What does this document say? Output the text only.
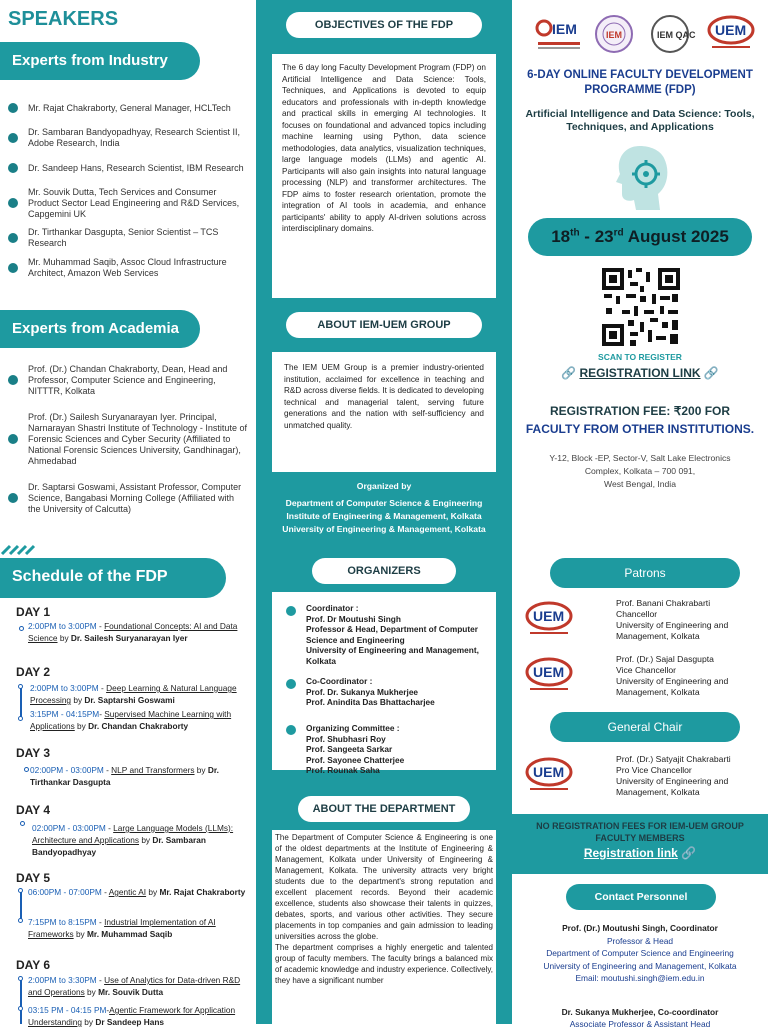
SPEAKERS
Experts from Industry
Mr. Rajat Chakraborty, General Manager, HCLTech
Dr. Sambaran Bandyopadhyay, Research Scientist II, Adobe Research, India
Dr. Sandeep Hans, Research Scientist, IBM Research
Mr. Souvik Dutta, Tech Services and Consumer Product Sector Lead Engineering and R&D Services, Capgemini UK
Dr. Tirthankar Dasgupta, Senior Scientist – TCS Research
Mr. Muhammad Saqib, Assoc Cloud Infrastructure Architect, Amazon Web Services
Experts from Academia
Prof. (Dr.) Chandan Chakraborty, Dean, Head and Professor, Computer Science and Engineering, NITTTR, Kolkata
Prof. (Dr.) Sailesh Suryanarayan Iyer. Principal, Narnarayan Shastri Institute of Technology - Institute of Forensic Sciences and Cyber Security (Affiliated to National Forensic Sciences University, Gandhinagar), Ahmedabad
Dr. Saptarsi Goswami, Assistant Professor, Computer Science, Bangabasi Morning College (Affiliated with the University of Calcutta)
Schedule of the FDP
DAY 1
2:00PM to 3:00PM - Foundational Concepts: AI and Data Science by Dr. Sailesh Suryanarayan Iyer
DAY 2
2:00PM to 3:00PM - Deep Learning & Natural Language Processing by Dr. Saptarshi Goswami
3:15PM - 04:15PM- Supervised Machine Learning with Applications by Dr. Chandan Chakraborty
DAY 3
02:00PM - 03:00PM - NLP and Transformers by Dr. Tirthankar Dasgupta
DAY 4
02:00PM - 03:00PM - Large Language Models (LLMs): Architecture and Applications by Dr. Sambaran Bandyopadhyay
DAY 5
06:00PM - 07:00PM - Agentic AI by Mr. Rajat Chakraborty
7:15PM to 8:15PM - Industrial Implementation of AI Frameworks by Mr. Muhammad Saqib
DAY 6
2:00PM to 3:30PM - Use of Analytics for Data-driven R&D and Operations by Mr. Souvik Dutta
03:15 PM - 04:15 PM-Agentic Framework for Application Understanding by Dr Sandeep Hans
OBJECTIVES OF THE FDP
The 6 day long Faculty Development Program (FDP) on Artificial Intelligence and Data Science: Tools, Techniques, and Applications is devoted to equip educators and professionals with in-depth knowledge and practical skills in emerging AI technologies. It focuses on foundational and advanced topics including machine learning using Python, data science methodologies, data analytics, visualization techniques, large language models (LLMs) and agentic AI. Participants will also gain insights into natural language processing (NLP) and transformer architectures. The FDP aims to foster research orientation, promote the integration of AI tools in academia, and enhance participants' ability to apply AI-driven solutions across interdisciplinary domains.
ABOUT IEM-UEM GROUP
The IEM UEM Group is a premier industry-oriented institution, acclaimed for excellence in teaching and R&D across diverse fields. It is dedicated to developing technical and managerial talent, serving future generations and the nation with self-sufficiency and unmatched quality.
Organized by
Department of Computer Science & Engineering
Institute of Engineering & Management, Kolkata
University of Engineering & Management, Kolkata
ORGANIZERS
Coordinator :
Prof. Dr Moutushi Singh
Professor & Head, Department of Computer Science and Engineering
University of Engineering and Management, Kolkata
Co-Coordinator :
Prof. Dr. Sukanya Mukherjee
Prof. Anindita Das Bhattacharjee
Organizing Committee :
Prof. Shubhasri Roy
Prof. Sangeeta Sarkar
Prof. Sayonee Chatterjee
Prof. Rounak Saha
ABOUT THE DEPARTMENT
The Department of Computer Science & Engineering is one of the oldest departments at the Institute of Engineering & Management, Kolkata under University of Engineering & Management, Kolkata. The university attracts very bright students due to the department's strong reputation and excellent placement records. Beyond their academic excellence, students also showcase their talents in quizzes, debates, sports, and various other activities. They secure placements in top companies and gain admission to leading universities across the globe.
The department comprises a highly energetic and talented group of faculty members. The faculty brings a balanced mix of academic knowledge and industry experience. Collectively, they have a significant number
IEM	IEM	IEM QAC UEM
6-DAY ONLINE FACULTY DEVELOPMENT PROGRAMME (FDP)
Artificial Intelligence and Data Science: Tools, Techniques, and Applications
18th - 23rd August 2025
SCAN TO REGISTER
🔗 REGISTRATION LINK 🔗
REGISTRATION FEE: ₹200 FOR
FACULTY FROM OTHER INSTITUTIONS.
Y-12, Block -EP, Sector-V, Salt Lake Electronics
Complex, Kolkata – 700 091,
West Bengal, India
Patrons
UEM
Prof. Banani Chakrabarti
Chancellor
University of Engineering and Management, Kolkata
UEM
Prof. (Dr.) Sajal Dasgupta
Vice Chancellor
University of Engineering and Management, Kolkata
General Chair
UEM
Prof. (Dr.) Satyajit Chakrabarti
Pro Vice Chancellor
University of Engineering and Management, Kolkata
NO REGISTRATION FEES FOR IEM-UEM GROUP FACULTY MEMBERS
Registration link 🔗
Contact Personnel
Prof. (Dr.) Moutushi Singh, Coordinator
Professor & Head
Department of Computer Science and Engineering
University of Engineering and Management, Kolkata
Email: moutushi.singh@iem.edu.in
Dr. Sukanya Mukherjee, Co-coordinator
Associate Professor & Assistant Head
